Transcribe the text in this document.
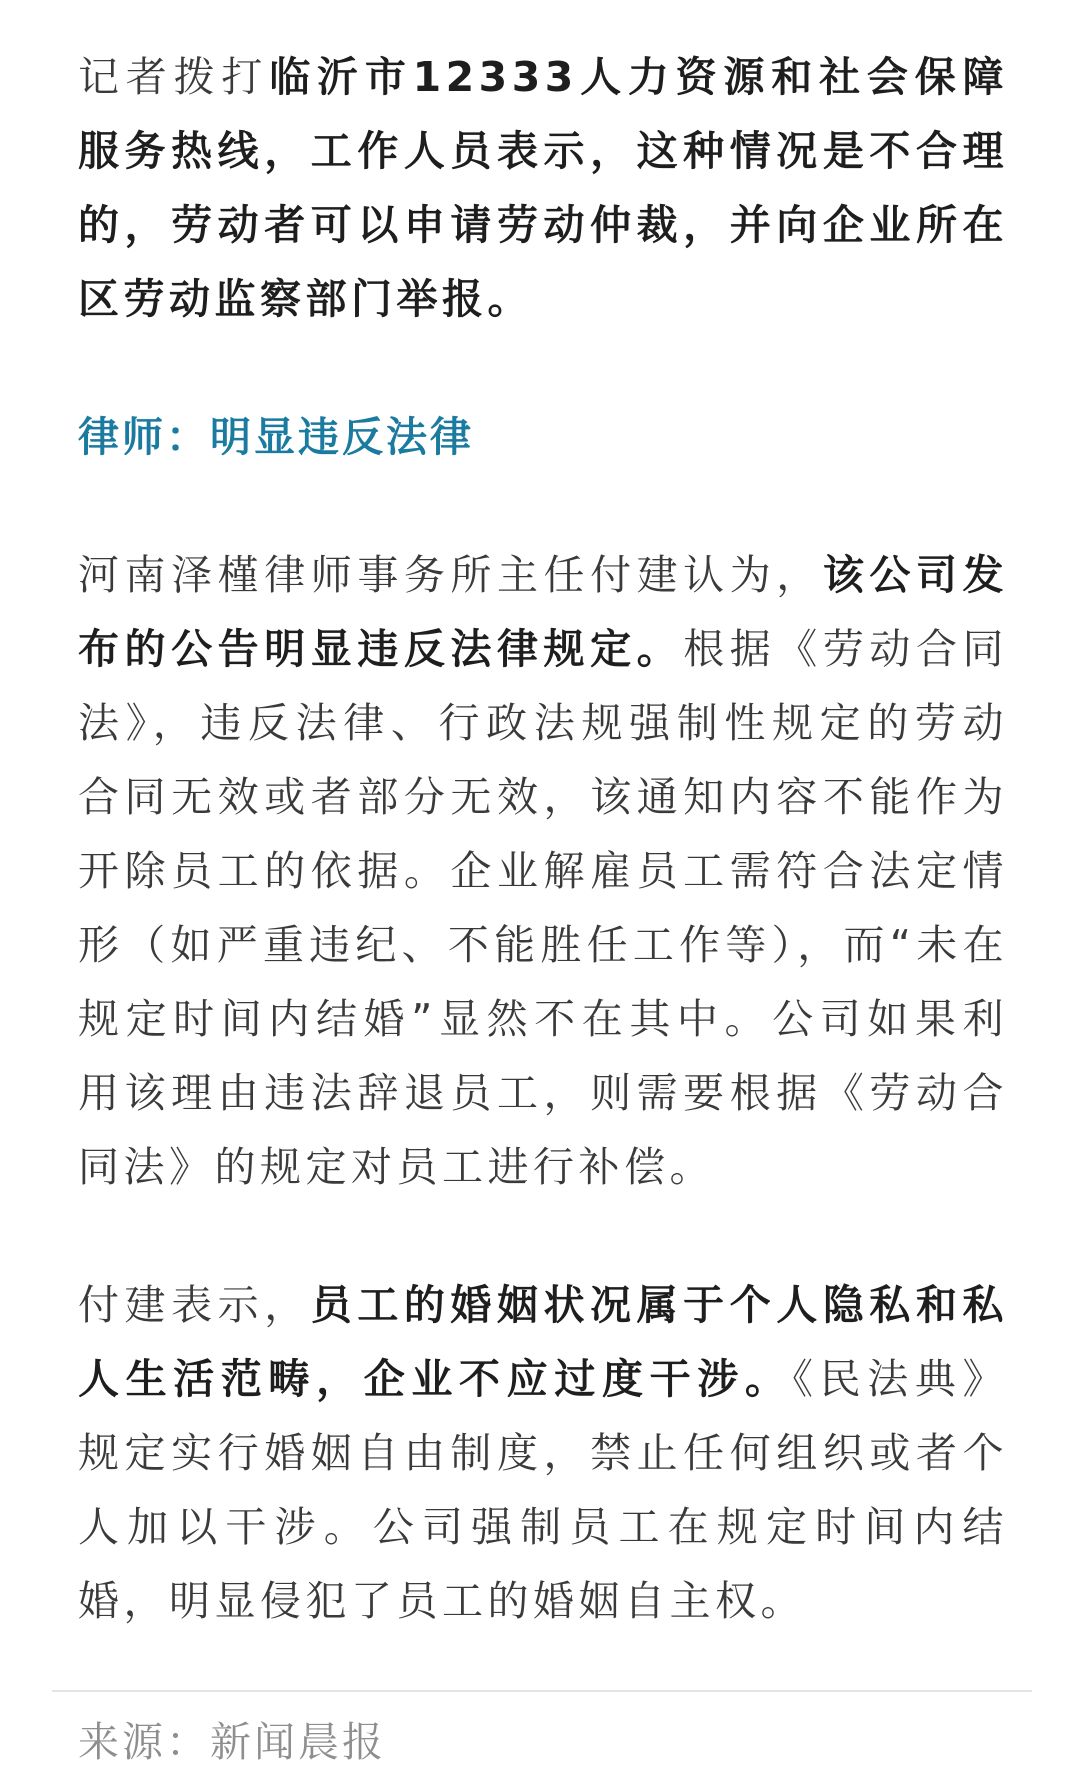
记者拨打临沂市12333人力资源和社会保障服务热线，工作人员表示，这种情况是不合理的，劳动者可以申请劳动仲裁，并向企业所在区劳动监察部门举报。

律师：明显违反法律

河南泽槿律师事务所主任付建认为，该公司发布的公告明显违反法律规定。根据《劳动合同法》，违反法律、行政法规强制性规定的劳动合同无效或者部分无效，该通知内容不能作为开除员工的依据。企业解雇员工需符合法定情形（如严重违纪、不能胜任工作等），而“未在规定时间内结婚”显然不在其中。公司如果利用该理由违法辞退员工，则需要根据《劳动合同法》的规定对员工进行补偿。

付建表示，员工的婚姻状况属于个人隐私和私人生活范畴，企业不应过度干涉。《民法典》规定实行婚姻自由制度，禁止任何组织或者个人加以干涉。公司强制员工在规定时间内结婚，明显侵犯了员工的婚姻自主权。

来源：新闻晨报
